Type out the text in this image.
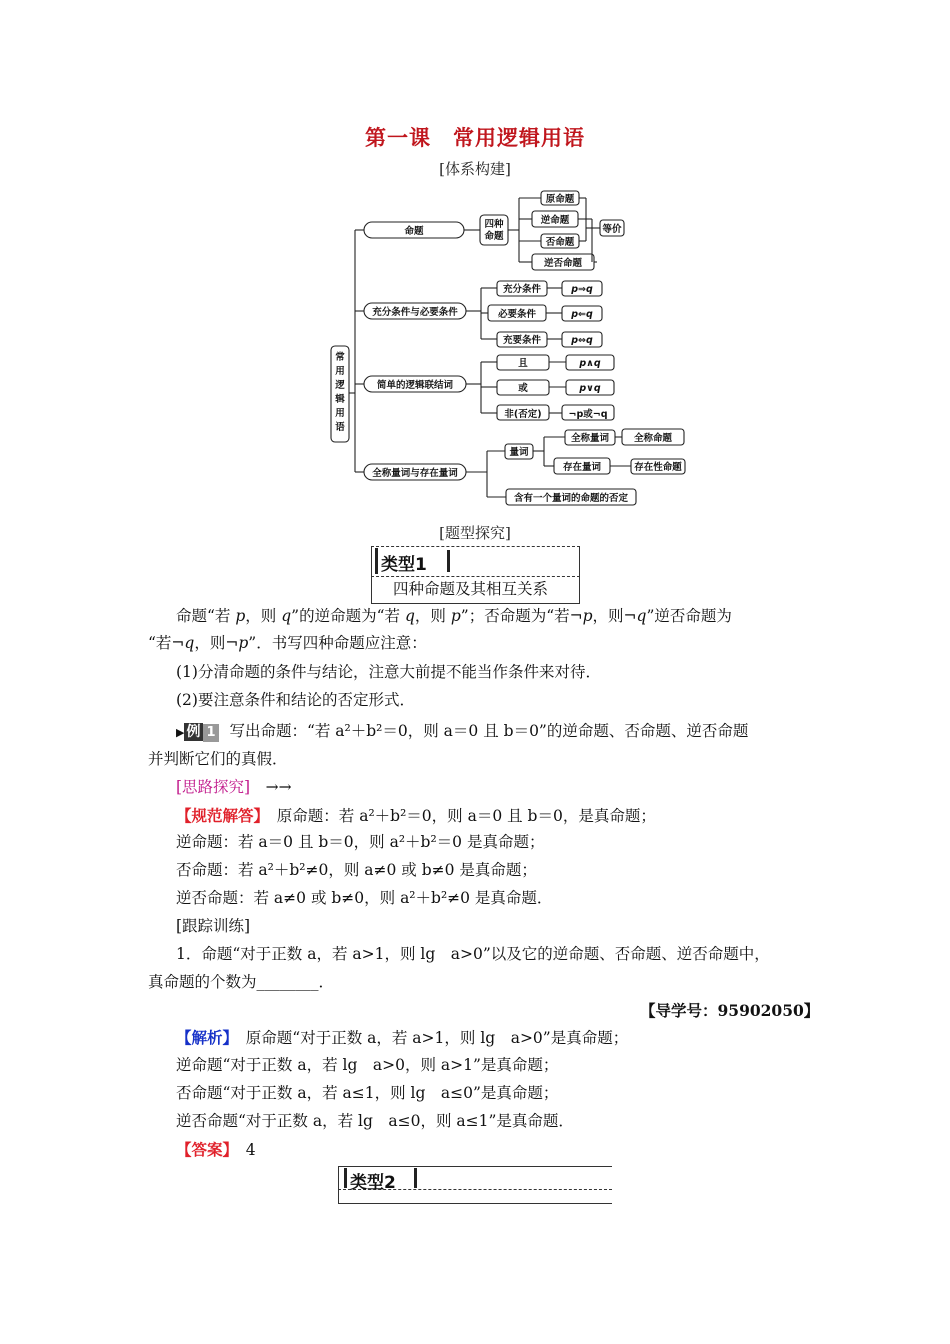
第一课　常用逻辑用语
[体系构建]
常用逻辑用语
命题
充分条件与必要条件
简单的逻辑联结词
全称量词与存在量词
四种命题
原命题
逆命题
否命题
逆否命题
等价
充分条件
必要条件
充要条件
p⇒q
p⇐q
p⇔q
且
或
非(否定)
p∧q
p∨q
¬p或¬q
量词
全称量词
存在量词
全称命题
存在性命题
含有一个量词的命题的否定
[题型探究]
类型1
四种命题及其相互关系
命题“若 p，则 q”的逆命题为“若 q，则 p”；否命题为“若¬p，则¬q”逆否命题为
“若¬q，则¬p”．书写四种命题应注意：
(1)分清命题的条件与结论，注意大前提不能当作条件来对待．
(2)要注意条件和结论的否定形式．
▶ 例 1 写出命题：“若 a²＋b²＝0，则 a＝0 且 b＝0”的逆命题、否命题、逆否命题
并判断它们的真假．
[思路探究]　 →→
【规范解答】　 原命题：若 a²＋b²＝0，则 a＝0 且 b＝0，是真命题；
逆命题：若 a＝0 且 b＝0，则 a²＋b²＝0 是真命题；
否命题：若 a²＋b²≠0，则 a≠0 或 b≠0 是真命题；
逆否命题：若 a≠0 或 b≠0，则 a²＋b²≠0 是真命题．
[跟踪训练]
1．命题“对于正数 a，若 a>1，则 lg　a>0”以及它的逆命题、否命题、逆否命题中，
真命题的个数为________．
【导学号：95902050】
【解析】　 原命题“对于正数 a，若 a>1，则 lg　a>0”是真命题；
逆命题“对于正数 a，若 lg　a>0，则 a>1”是真命题；
否命题“对于正数 a，若 a≤1，则 lg　a≤0”是真命题；
逆否命题“对于正数 a，若 lg　a≤0，则 a≤1”是真命题．
【答案】　 4
类型2
